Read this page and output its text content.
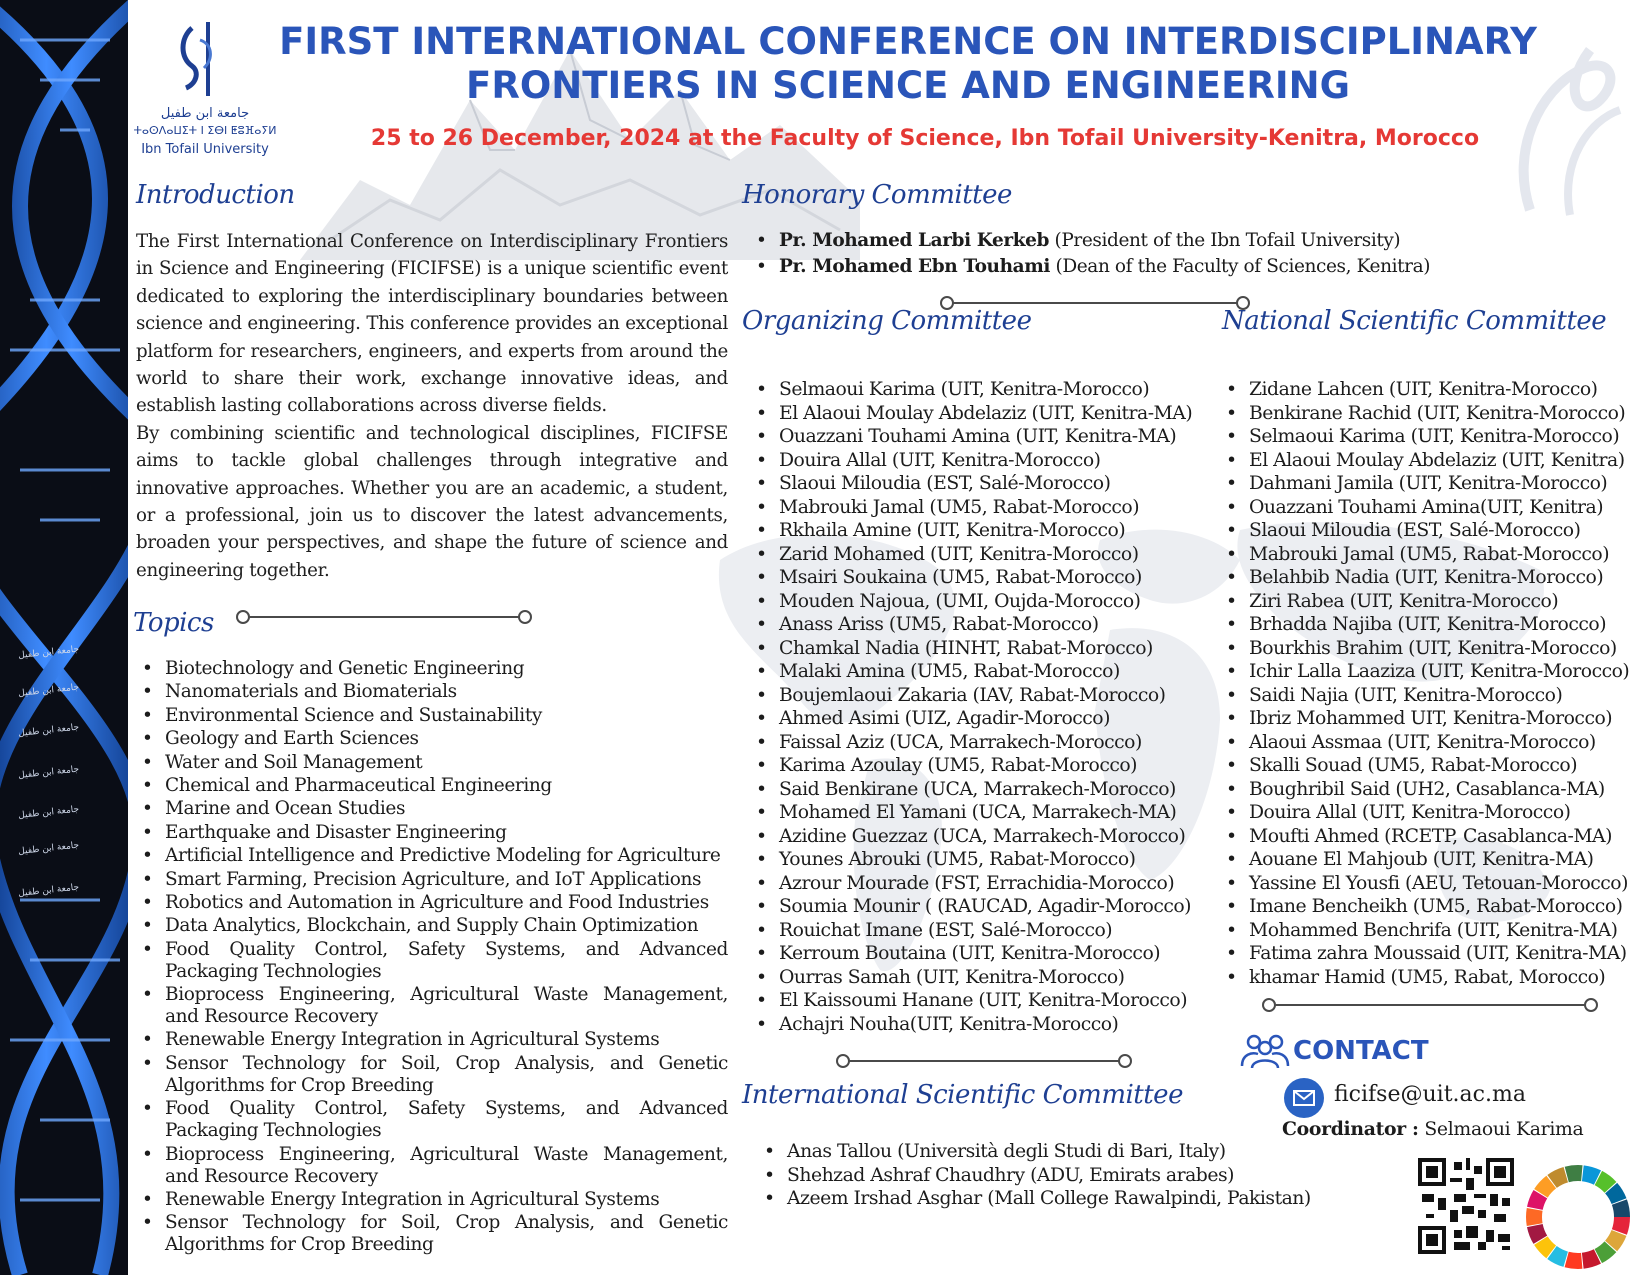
جامعة ابن طفيل
جامعة ابن طفيل
جامعة ابن طفيل
جامعة ابن طفيل
جامعة ابن طفيل
جامعة ابن طفيل
جامعة ابن طفيل
جامعة ابن طفيل
ⵜⴰⵙⴷⴰⵡⵉⵜ ⵏ ⵉⴱⵏ ⵟⵓⴼⴰⵢⵍ
Ibn Tofail University
FIRST INTERNATIONAL CONFERENCE ON INTERDISCIPLINARY
FRONTIERS IN SCIENCE AND ENGINEERING
25 to 26 December, 2024 at the Faculty of Science, Ibn Tofail University-Kenitra, Morocco
Introduction

The First International Conference on Interdisciplinary Frontiers in Science and Engineering (FICIFSE) is a unique scientific event dedicated to exploring the interdisciplinary boundaries between science and engineering. This conference provides an exceptional platform for researchers, engineers, and experts from around the world to share their work, exchange innovative ideas, and establish lasting collaborations across diverse fields.

By combining scientific and technological disciplines, FICIFSE aims to tackle global challenges through integrative and innovative approaches. Whether you are an academic, a student, or a professional, join us to discover the latest advancements, broaden your perspectives, and shape the future of science and engineering together.

Topics
• Biotechnology and Genetic Engineering
• Nanomaterials and Biomaterials
• Environmental Science and Sustainability
• Geology and Earth Sciences
• Water and Soil Management
• Chemical and Pharmaceutical Engineering
• Marine and Ocean Studies
• Earthquake and Disaster Engineering
• Artificial Intelligence and Predictive Modeling for Agriculture
• Smart Farming, Precision Agriculture, and IoT Applications
• Robotics and Automation in Agriculture and Food Industries
• Data Analytics, Blockchain, and Supply Chain Optimization
• Food Quality Control, Safety Systems, and Advanced Packaging Technologies
• Bioprocess Engineering, Agricultural Waste Management, and Resource Recovery
• Renewable Energy Integration in Agricultural Systems
• Sensor Technology for Soil, Crop Analysis, and Genetic Algorithms for Crop Breeding
• Food Quality Control, Safety Systems, and Advanced Packaging Technologies
• Bioprocess Engineering, Agricultural Waste Management, and Resource Recovery
• Renewable Energy Integration in Agricultural Systems
• Sensor Technology for Soil, Crop Analysis, and Genetic Algorithms for Crop Breeding
Honorary Committee
• Pr. Mohamed Larbi Kerkeb (President of the Ibn Tofail University)
• Pr. Mohamed Ebn Touhami (Dean of the Faculty of Sciences, Kenitra)
Organizing Committee
• Selmaoui Karima (UIT, Kenitra-Morocco)
• El Alaoui Moulay Abdelaziz (UIT, Kenitra-MA)
• Ouazzani Touhami Amina (UIT, Kenitra-MA)
• Douira Allal (UIT, Kenitra-Morocco)
• Slaoui Miloudia (EST, Salé-Morocco)
• Mabrouki Jamal (UM5, Rabat-Morocco)
• Rkhaila Amine (UIT, Kenitra-Morocco)
• Zarid Mohamed (UIT, Kenitra-Morocco)
• Msairi Soukaina (UM5, Rabat-Morocco)
• Mouden Najoua, (UMI, Oujda-Morocco)
• Anass Ariss (UM5, Rabat-Morocco)
• Chamkal Nadia (HINHT, Rabat-Morocco)
• Malaki Amina (UM5, Rabat-Morocco)
• Boujemlaoui Zakaria (IAV, Rabat-Morocco)
• Ahmed Asimi (UIZ, Agadir-Morocco)
• Faissal Aziz (UCA, Marrakech-Morocco)
• Karima Azoulay (UM5, Rabat-Morocco)
• Said Benkirane (UCA, Marrakech-Morocco)
• Mohamed El Yamani (UCA, Marrakech-MA)
• Azidine Guezzaz (UCA, Marrakech-Morocco)
• Younes Abrouki (UM5, Rabat-Morocco)
• Azrour Mourade (FST, Errachidia-Morocco)
• Soumia Mounir ( (RAUCAD, Agadir-Morocco)
• Rouichat Imane (EST, Salé-Morocco)
• Kerroum Boutaina (UIT, Kenitra-Morocco)
• Ourras Samah (UIT, Kenitra-Morocco)
• El Kaissoumi Hanane (UIT, Kenitra-Morocco)
• Achajri Nouha(UIT, Kenitra-Morocco)
National Scientific Committee
• Zidane Lahcen (UIT, Kenitra-Morocco)
• Benkirane Rachid (UIT, Kenitra-Morocco)
• Selmaoui Karima (UIT, Kenitra-Morocco)
• El Alaoui Moulay Abdelaziz (UIT, Kenitra)
• Dahmani Jamila (UIT, Kenitra-Morocco)
• Ouazzani Touhami Amina(UIT, Kenitra)
• Slaoui Miloudia (EST, Salé-Morocco)
• Mabrouki Jamal (UM5, Rabat-Morocco)
• Belahbib Nadia (UIT, Kenitra-Morocco)
• Ziri Rabea (UIT, Kenitra-Morocco)
• Brhadda Najiba (UIT, Kenitra-Morocco)
• Bourkhis Brahim (UIT, Kenitra-Morocco)
• Ichir Lalla Laaziza (UIT, Kenitra-Morocco)
• Saidi Najia (UIT, Kenitra-Morocco)
• Ibriz Mohammed UIT, Kenitra-Morocco)
• Alaoui Assmaa (UIT, Kenitra-Morocco)
• Skalli Souad (UM5, Rabat-Morocco)
• Boughribil Said (UH2, Casablanca-MA)
• Douira Allal (UIT, Kenitra-Morocco)
• Moufti Ahmed (RCETP, Casablanca-MA)
• Aouane El Mahjoub (UIT, Kenitra-MA)
• Yassine El Yousfi (AEU, Tetouan-Morocco)
• Imane Bencheikh (UM5, Rabat-Morocco)
• Mohammed Benchrifa (UIT, Kenitra-MA)
• Fatima zahra Moussaid (UIT, Kenitra-MA)
• khamar Hamid (UM5, Rabat, Morocco)
International Scientific Committee
• Anas Tallou (Università degli Studi di Bari, Italy)
• Shehzad Ashraf Chaudhry (ADU, Emirats arabes)
• Azeem Irshad Asghar (Mall College Rawalpindi, Pakistan)
CONTACT
ficifse@uit.ac.ma
Coordinator : Selmaoui Karima
